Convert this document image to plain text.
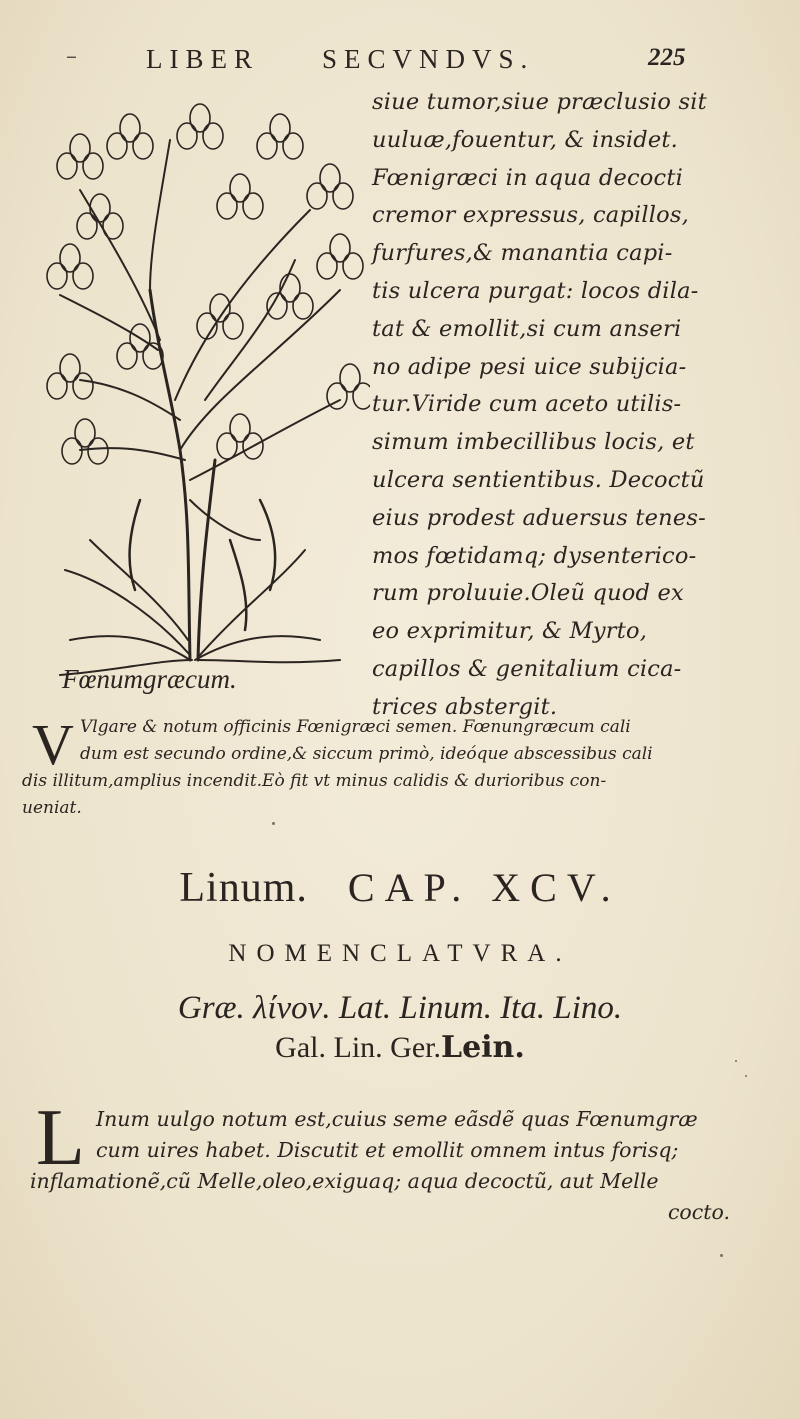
–	LIBER SECVNDVS.	225
Fœnumgræcum.
siue tumor,siue præclusio sit
uuluæ,fouentur, & insidet.
Fœnigræci in aqua decocti
cremor expressus, capillos,
furfures,& manantia capi-
tis ulcera purgat: locos dila-
tat & emollit,si cum anseri
no adipe pesi uice subijcia-
tur.Viride cum aceto utilis-
simum imbecillibus locis, et
ulcera sentientibus. Decoctũ
eius prodest aduersus tenes-
mos fœtidamq; dysenterico-
rum proluuie.Oleũ quod ex
eo exprimitur, & Myrto,
capillos & genitalium cica-
trices abstergit.
V Vlgare & notum officinis Fœnigræci semen. Fœnungræcum cali
dum est secundo ordine,& siccum primò, ideóque abscessibus cali
dis illitum,amplius incendit.Eò fit vt minus calidis & durioribus con-
ueniat.
Linum. CAP. XCV.
NOMENCLATVRA.
Græ. λίνον. Lat. Linum. Ita. Lino.
Gal. Lin. Ger.Lein.
L Inum uulgo notum est,cuius seme eãsdẽ quas Fœnumgræ
cum uires habet. Discutit et emollit omnem intus forisq;
inflamationẽ,cũ Melle,oleo,exiguaq; aqua decoctũ, aut Melle
cocto.
